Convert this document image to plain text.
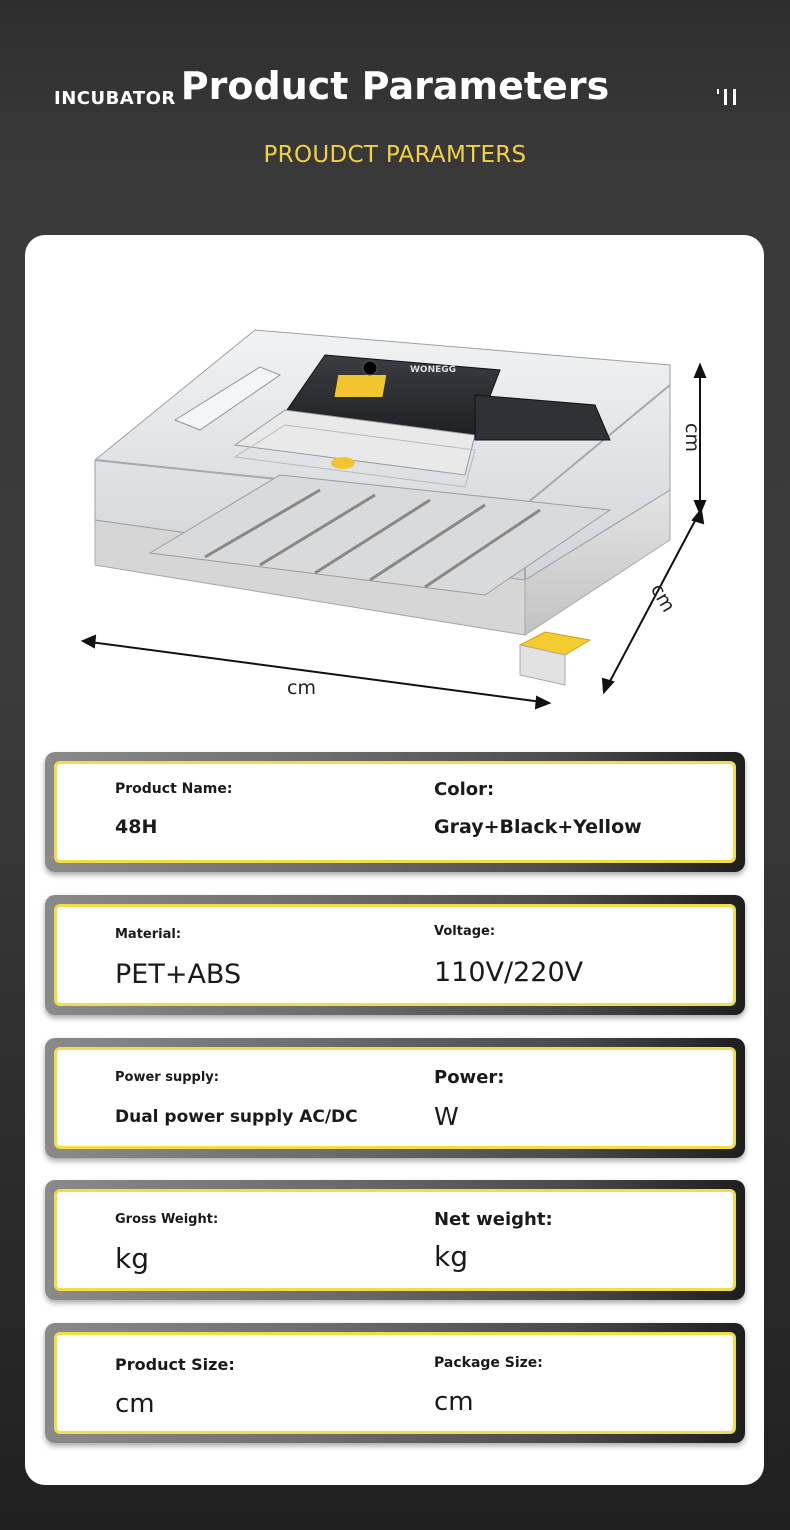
INCUBATOR Product Parameters
PROUDCT PARAMTERS
WONEGG
cm
cm
cm
Product Name:
48H
Color:
Gray+Black+Yellow
Material:
PET+ABS
Voltage:
110V/220V
Power supply:
Dual power supply AC/DC
Power:
W
Gross Weight:
kg
Net weight:
kg
Product Size:
cm
Package Size:
cm
